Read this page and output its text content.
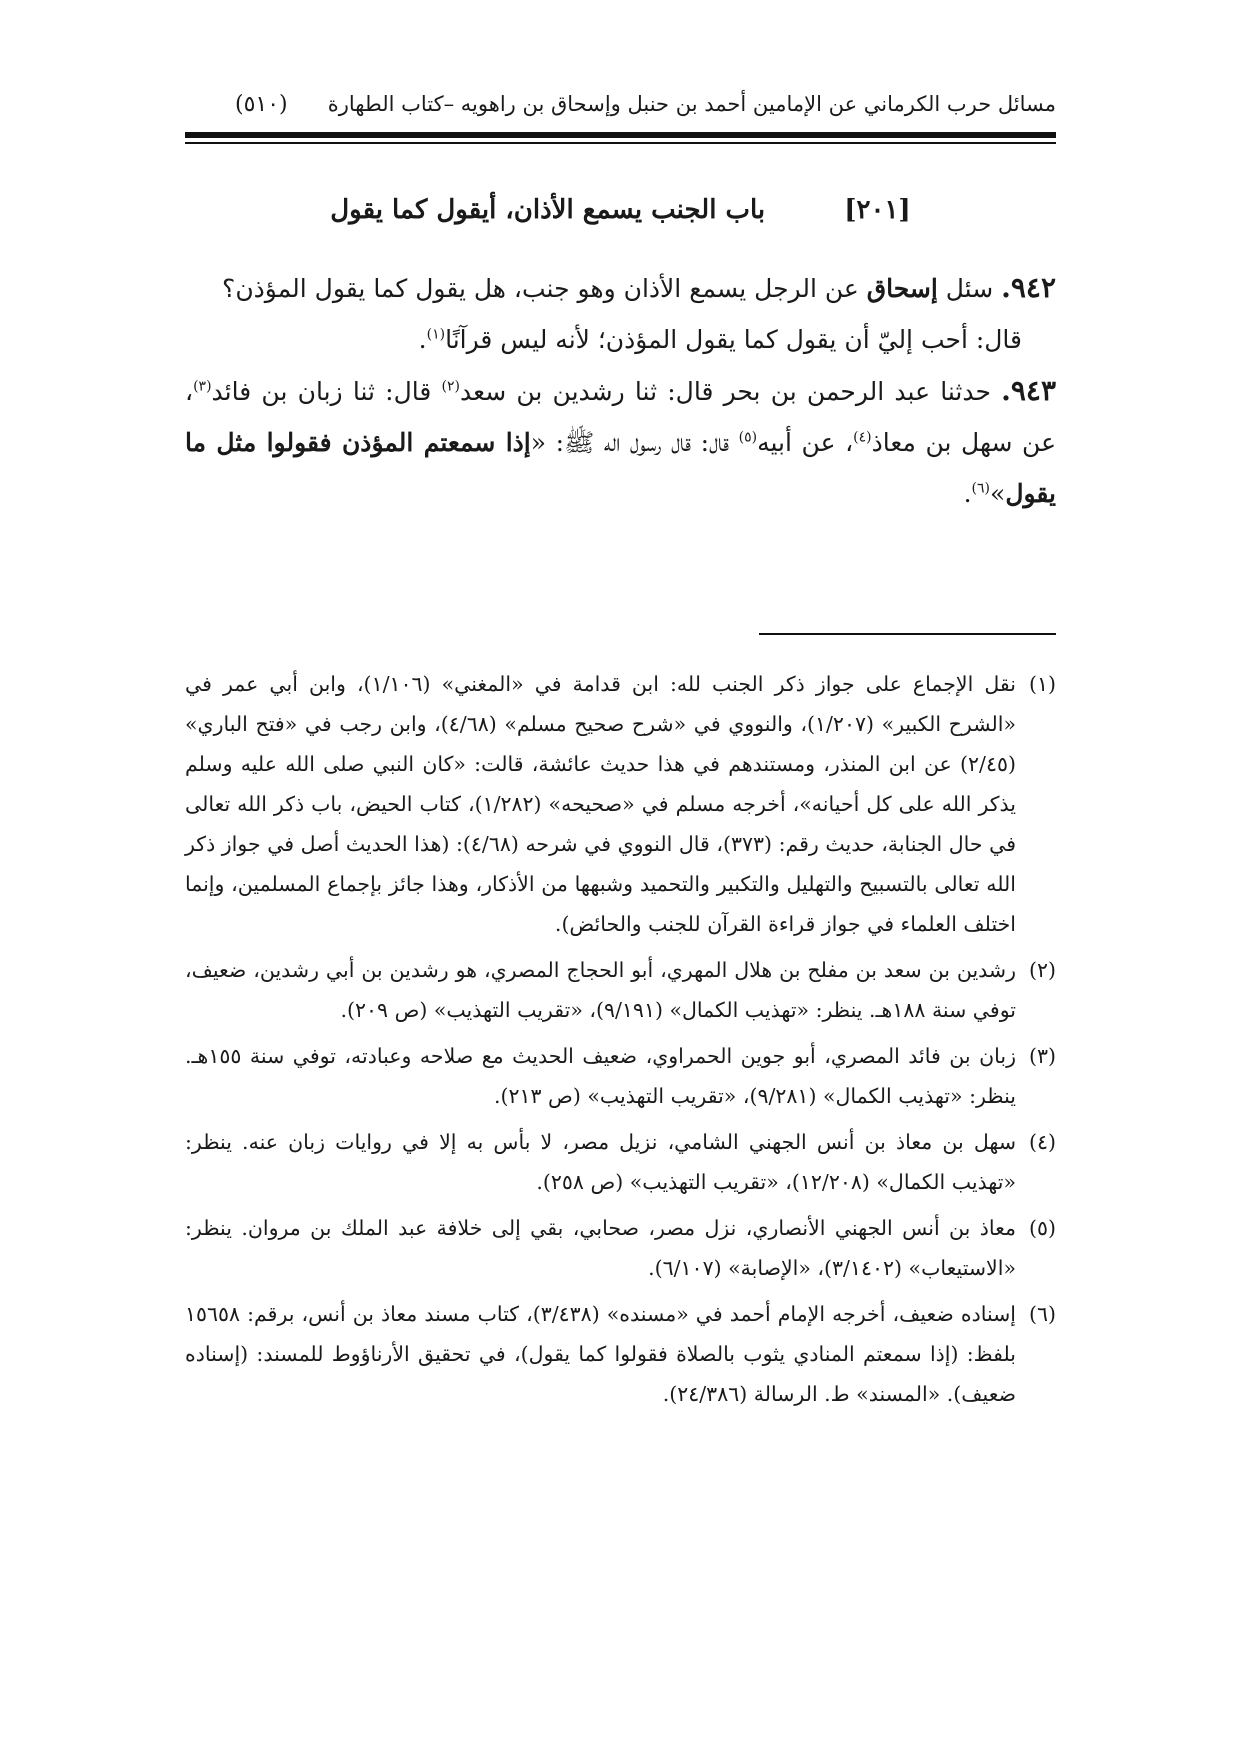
مسائل حرب الكرماني عن الإمامين أحمد بن حنبل وإسحاق بن راهويه –كتاب الطهارة
(٥١٠)
[٢٠١] باب الجنب يسمع الأذان، أيقول كما يقول

٩٤٢. سئل إسحاق عن الرجل يسمع الأذان وهو جنب، هل يقول كما يقول المؤذن؟

قال: أحب إليّ أن يقول كما يقول المؤذن؛ لأنه ليس قرآنًا$^{(١)}$.

٩٤٣. حدثنا عبد الرحمن بن بحر قال: ثنا رشدين بن سعد$^{(٢)}$ قال: ثنا زبان بن فائد$^{(٣)}$، عن سهل بن معاذ$^{(٤)}$، عن أبيه$^{(٥)}$ قال: قال رسول اله ﷺ: «إذا سمعتم المؤذن فقولوا مثل ما يقول»$^{(٦)}$.

(١)نقل الإجماع على جواز ذكر الجنب لله: ابن قدامة في «المغني» (١/١٠٦)، وابن أبي عمر في «الشرح الكبير» (١/٢٠٧)، والنووي في «شرح صحيح مسلم» (٤/٦٨)، وابن رجب في «فتح الباري» (٢/٤٥) عن ابن المنذر، ومستندهم في هذا حديث عائشة، قالت: «كان النبي صلى الله عليه وسلم يذكر الله على كل أحيانه»، أخرجه مسلم في «صحيحه» (١/٢٨٢)، كتاب الحيض، باب ذكر الله تعالى في حال الجنابة، حديث رقم: (٣٧٣)، قال النووي في شرحه (٤/٦٨): (هذا الحديث أصل في جواز ذكر الله تعالى بالتسبيح والتهليل والتكبير والتحميد وشبهها من الأذكار، وهذا جائز بإجماع المسلمين، وإنما اختلف العلماء في جواز قراءة القرآن للجنب والحائض).

(٢)رشدين بن سعد بن مفلح بن هلال المهري، أبو الحجاج المصري، هو رشدين بن أبي رشدين، ضعيف، توفي سنة ١٨٨هـ. ينظر: «تهذيب الكمال» (٩/١٩١)، «تقريب التهذيب» (ص ٢٠٩).

(٣)زبان بن فائد المصري، أبو جوين الحمراوي، ضعيف الحديث مع صلاحه وعبادته، توفي سنة ١٥٥هـ. ينظر: «تهذيب الكمال» (٩/٢٨١)، «تقريب التهذيب» (ص ٢١٣).

(٤)سهل بن معاذ بن أنس الجهني الشامي، نزيل مصر، لا بأس به إلا في روايات زبان عنه. ينظر: «تهذيب الكمال» (١٢/٢٠٨)، «تقريب التهذيب» (ص ٢٥٨).

(٥)معاذ بن أنس الجهني الأنصاري، نزل مصر، صحابي، بقي إلى خلافة عبد الملك بن مروان. ينظر: «الاستيعاب» (٣/١٤٠٢)، «الإصابة» (٦/١٠٧).

(٦)إسناده ضعيف، أخرجه الإمام أحمد في «مسنده» (٣/٤٣٨)، كتاب مسند معاذ بن أنس، برقم: ١٥٦٥٨ بلفظ: (إذا سمعتم المنادي يثوب بالصلاة فقولوا كما يقول)، في تحقيق الأرناؤوط للمسند: (إسناده ضعيف). «المسند» ط. الرسالة (٢٤/٣٨٦).
